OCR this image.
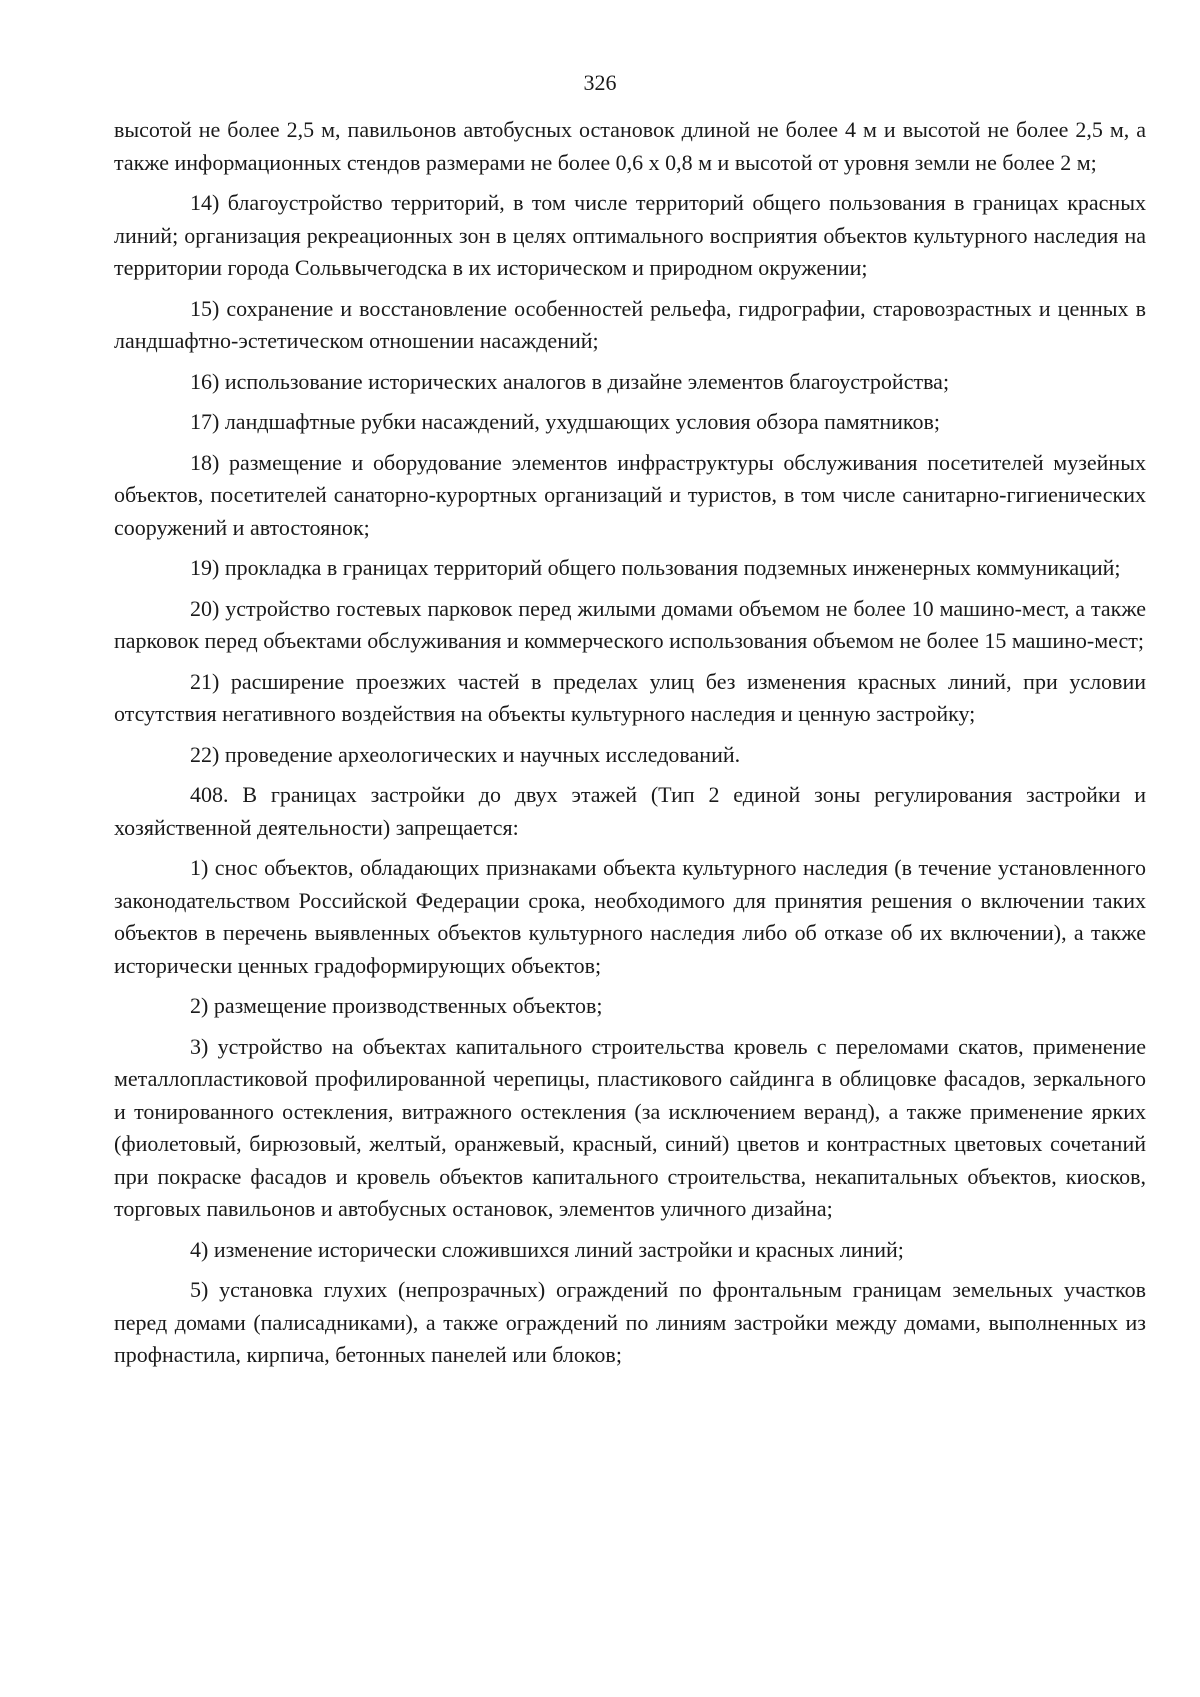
326

высотой не более 2,5 м, павильонов автобусных остановок длиной не более 4 м и высотой не более 2,5 м, а также информационных стендов размерами не более 0,6 х 0,8 м и высотой от уровня земли не более 2 м;

14) благоустройство территорий, в том числе территорий общего пользования в границах красных линий; организация рекреационных зон в целях оптимального восприятия объектов культурного наследия на территории города Сольвычегодска в их историческом и природном окружении;

15) сохранение и восстановление особенностей рельефа, гидрографии, старовозрастных и ценных в ландшафтно-эстетическом отношении насаждений;

16) использование исторических аналогов в дизайне элементов благоустройства;

17) ландшафтные рубки насаждений, ухудшающих условия обзора памятников;

18) размещение и оборудование элементов инфраструктуры обслуживания посетителей музейных объектов, посетителей санаторно-курортных организаций и туристов, в том числе санитарно-гигиенических сооружений и автостоянок;

19) прокладка в границах территорий общего пользования подземных инженерных коммуникаций;

20) устройство гостевых парковок перед жилыми домами объемом не более 10 машино-мест, а также парковок перед объектами обслуживания и коммерческого использования объемом не более 15 машино-мест;

21) расширение проезжих частей в пределах улиц без изменения красных линий, при условии отсутствия негативного воздействия на объекты культурного наследия и ценную застройку;

22) проведение археологических и научных исследований.

408. В границах застройки до двух этажей (Тип 2 единой зоны регулирования застройки и хозяйственной деятельности) запрещается:

1) снос объектов, обладающих признаками объекта культурного наследия (в течение установленного законодательством Российской Федерации срока, необходимого для принятия решения о включении таких объектов в перечень выявленных объектов культурного наследия либо об отказе об их включении), а также исторически ценных градоформирующих объектов;

2) размещение производственных объектов;

3) устройство на объектах капитального строительства кровель с переломами скатов, применение металлопластиковой профилированной черепицы, пластикового сайдинга в облицовке фасадов, зеркального и тонированного остекления, витражного остекления (за исключением веранд), а также применение ярких (фиолетовый, бирюзовый, желтый, оранжевый, красный, синий) цветов и контрастных цветовых сочетаний при покраске фасадов и кровель объектов капитального строительства, некапитальных объектов, киосков, торговых павильонов и автобусных остановок, элементов уличного дизайна;

4) изменение исторически сложившихся линий застройки и красных линий;

5) установка глухих (непрозрачных) ограждений по фронтальным границам земельных участков перед домами (палисадниками), а также ограждений по линиям застройки между домами, выполненных из профнастила, кирпича, бетонных панелей или блоков;
